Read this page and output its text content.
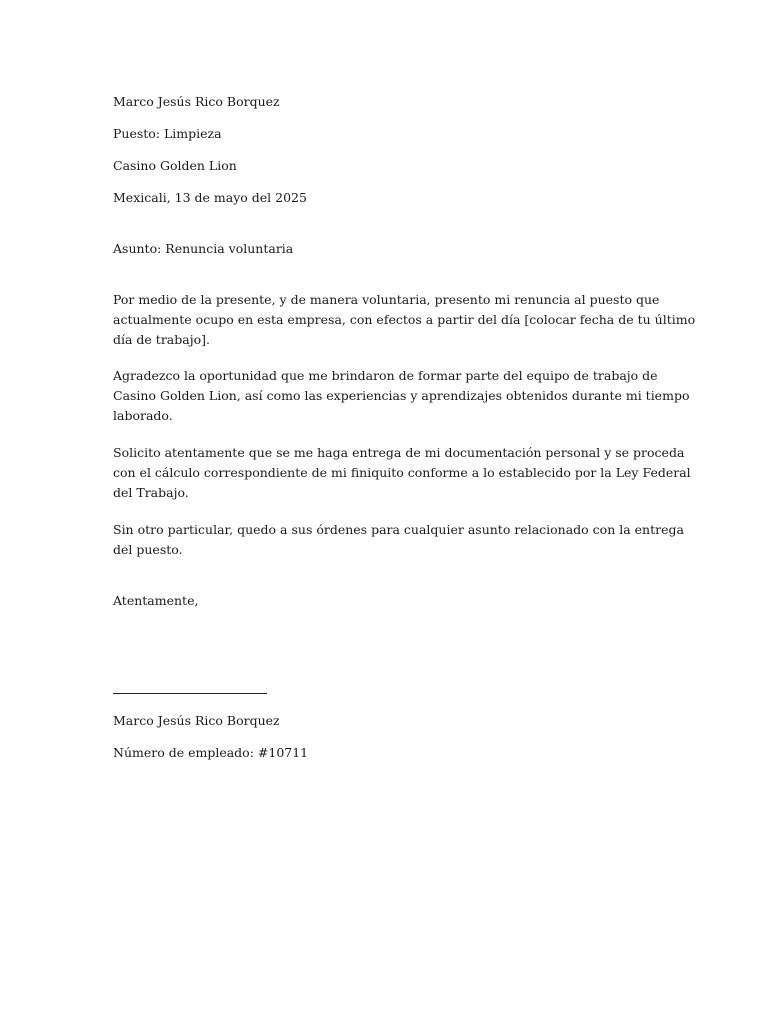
Marco Jesús Rico Borquez

Puesto: Limpieza

Casino Golden Lion

Mexicali, 13 de mayo del 2025

Asunto: Renuncia voluntaria

Por medio de la presente, y de manera voluntaria, presento mi renuncia al puesto que
actualmente ocupo en esta empresa, con efectos a partir del día [colocar fecha de tu último
día de trabajo].
Agradezco la oportunidad que me brindaron de formar parte del equipo de trabajo de
Casino Golden Lion, así como las experiencias y aprendizajes obtenidos durante mi tiempo
laborado.
Solicito atentamente que se me haga entrega de mi documentación personal y se proceda
con el cálculo correspondiente de mi finiquito conforme a lo establecido por la Ley Federal
del Trabajo.
Sin otro particular, quedo a sus órdenes para cualquier asunto relacionado con la entrega
del puesto.

Atentamente,

Marco Jesús Rico Borquez

Número de empleado: #10711
